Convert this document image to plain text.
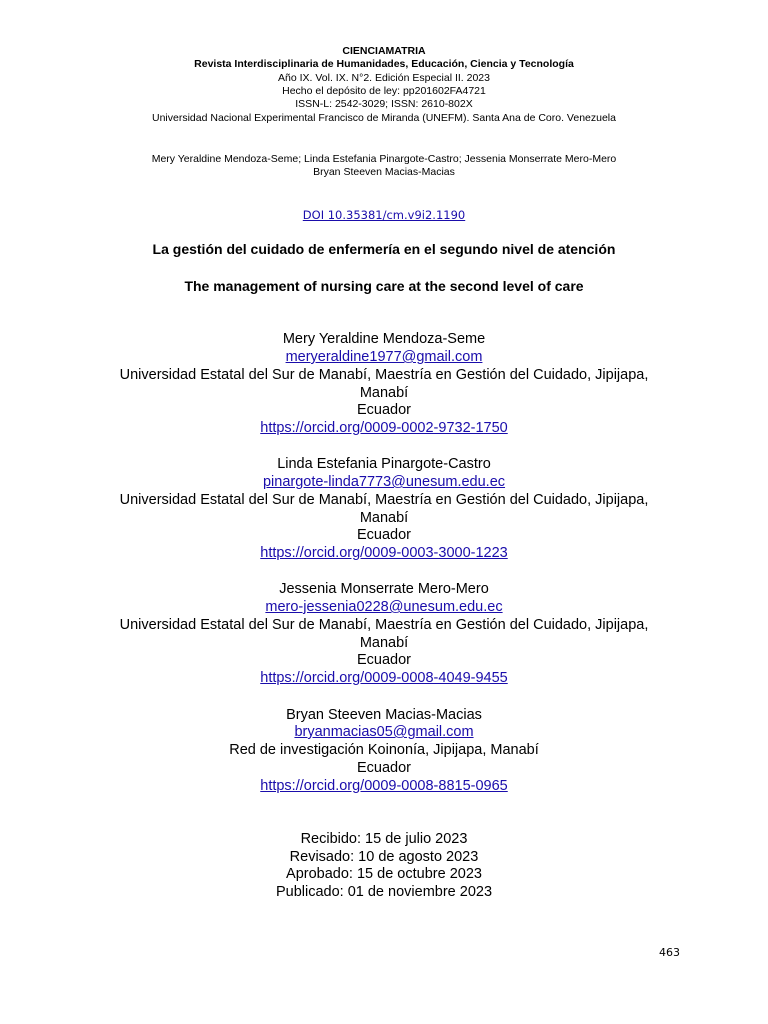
CIENCIAMATRIA
Revista Interdisciplinaria de Humanidades, Educación, Ciencia y Tecnología
Año IX. Vol. IX. N°2. Edición Especial II. 2023
Hecho el depósito de ley: pp201602FA4721
ISSN-L: 2542-3029; ISSN: 2610-802X
Universidad Nacional Experimental Francisco de Miranda (UNEFM). Santa Ana de Coro. Venezuela
Mery Yeraldine Mendoza-Seme; Linda Estefania Pinargote-Castro; Jessenia Monserrate Mero-Mero
Bryan Steeven Macias-Macias
DOI 10.35381/cm.v9i2.1190
La gestión del cuidado de enfermería en el segundo nivel de atención
The management of nursing care at the second level of care
Mery Yeraldine Mendoza-Seme
meryeraldine1977@gmail.com
Universidad Estatal del Sur de Manabí, Maestría en Gestión del Cuidado, Jipijapa,
Manabí
Ecuador
https://orcid.org/0009-0002-9732-1750
Linda Estefania Pinargote-Castro
pinargote-linda7773@unesum.edu.ec
Universidad Estatal del Sur de Manabí, Maestría en Gestión del Cuidado, Jipijapa,
Manabí
Ecuador
https://orcid.org/0009-0003-3000-1223
Jessenia Monserrate Mero-Mero
mero-jessenia0228@unesum.edu.ec
Universidad Estatal del Sur de Manabí, Maestría en Gestión del Cuidado, Jipijapa,
Manabí
Ecuador
https://orcid.org/0009-0008-4049-9455
Bryan Steeven Macias-Macias
bryanmacias05@gmail.com
Red de investigación Koinonía, Jipijapa, Manabí
Ecuador
https://orcid.org/0009-0008-8815-0965
Recibido: 15 de julio 2023
Revisado: 10 de agosto 2023
Aprobado: 15 de octubre 2023
Publicado: 01 de noviembre 2023
463
